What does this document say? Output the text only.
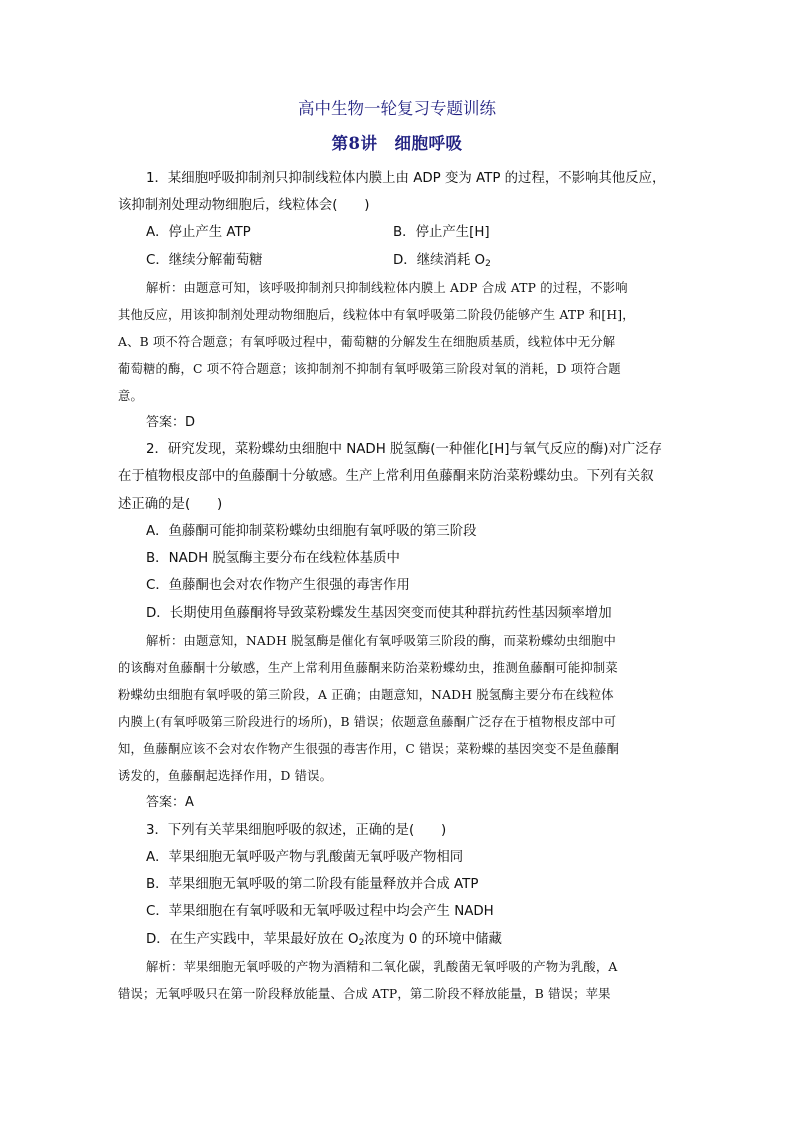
高中生物一轮复习专题训练
第8讲　细胞呼吸
1．某细胞呼吸抑制剂只抑制线粒体内膜上由 ADP 变为 ATP 的过程，不影响其他反应，
该抑制剂处理动物细胞后，线粒体会(　　)
A．停止产生 ATP	B．停止产生[H]
C．继续分解葡萄糖	D．继续消耗 $O_2$
解析：由题意可知，该呼吸抑制剂只抑制线粒体内膜上 ADP 合成 ATP 的过程，不影响
其他反应，用该抑制剂处理动物细胞后，线粒体中有氧呼吸第二阶段仍能够产生 ATP 和[H]，
A、B 项不符合题意；有氧呼吸过程中，葡萄糖的分解发生在细胞质基质，线粒体中无分解
葡萄糖的酶，C 项不符合题意；该抑制剂不抑制有氧呼吸第三阶段对氧的消耗，D 项符合题
意。
答案：D
2．研究发现，菜粉蝶幼虫细胞中 NADH 脱氢酶(一种催化[H]与氧气反应的酶)对广泛存
在于植物根皮部中的鱼藤酮十分敏感。生产上常利用鱼藤酮来防治菜粉蝶幼虫。下列有关叙
述正确的是(　　)
A．鱼藤酮可能抑制菜粉蝶幼虫细胞有氧呼吸的第三阶段
B．NADH 脱氢酶主要分布在线粒体基质中
C．鱼藤酮也会对农作物产生很强的毒害作用
D．长期使用鱼藤酮将导致菜粉蝶发生基因突变而使其种群抗药性基因频率增加
解析：由题意知，NADH 脱氢酶是催化有氧呼吸第三阶段的酶，而菜粉蝶幼虫细胞中
的该酶对鱼藤酮十分敏感，生产上常利用鱼藤酮来防治菜粉蝶幼虫，推测鱼藤酮可能抑制菜
粉蝶幼虫细胞有氧呼吸的第三阶段，A 正确；由题意知，NADH 脱氢酶主要分布在线粒体
内膜上(有氧呼吸第三阶段进行的场所)，B 错误；依题意鱼藤酮广泛存在于植物根皮部中可
知，鱼藤酮应该不会对农作物产生很强的毒害作用，C 错误；菜粉蝶的基因突变不是鱼藤酮
诱发的，鱼藤酮起选择作用，D 错误。
答案：A
3．下列有关苹果细胞呼吸的叙述，正确的是(　　)
A．苹果细胞无氧呼吸产物与乳酸菌无氧呼吸产物相同
B．苹果细胞无氧呼吸的第二阶段有能量释放并合成 ATP
C．苹果细胞在有氧呼吸和无氧呼吸过程中均会产生 NADH
D．在生产实践中，苹果最好放在 $O_2$浓度为 0 的环境中储藏
解析：苹果细胞无氧呼吸的产物为酒精和二氧化碳，乳酸菌无氧呼吸的产物为乳酸，A
错误；无氧呼吸只在第一阶段释放能量、合成 ATP，第二阶段不释放能量，B 错误；苹果
